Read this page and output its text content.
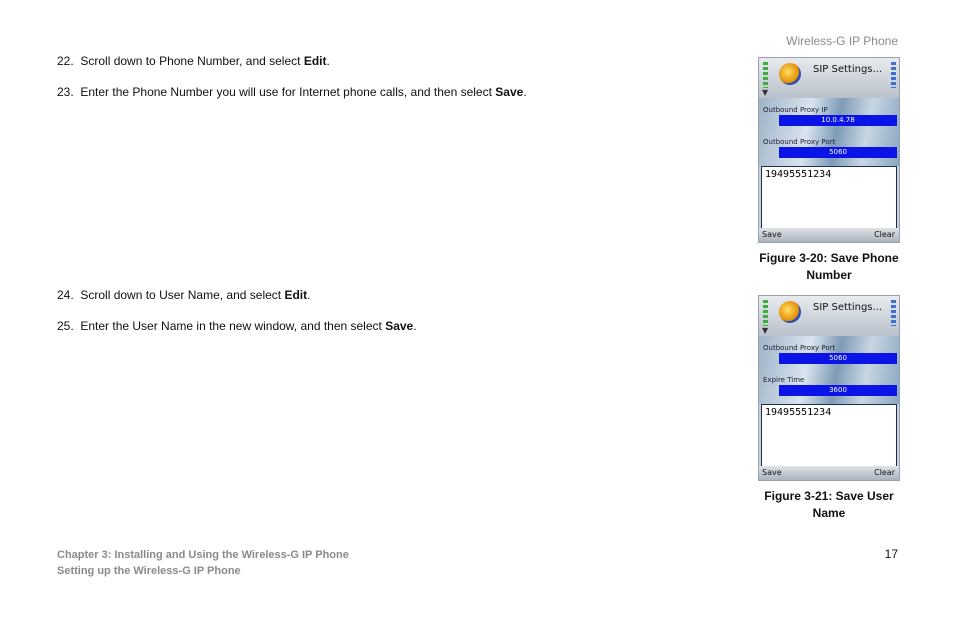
Wireless-G IP Phone
22. Scroll down to Phone Number, and select Edit.
23. Enter the Phone Number you will use for Internet phone calls, and then select Save.
24. Scroll down to User Name, and select Edit.
25. Enter the User Name in the new window, and then select Save.
▼
SIP Settings...
Outbound Proxy IP
10.0.4.78
Outbound Proxy Port
5060
19495551234
Save	Clear
Figure 3-20: Save Phone
Number
▼
SIP Settings...
Outbound Proxy Port
5060
Expire Time
3600
19495551234
Save	Clear
Figure 3-21: Save User
Name
Chapter 3: Installing and Using the Wireless-G IP Phone
Setting up the Wireless-G IP Phone
17
